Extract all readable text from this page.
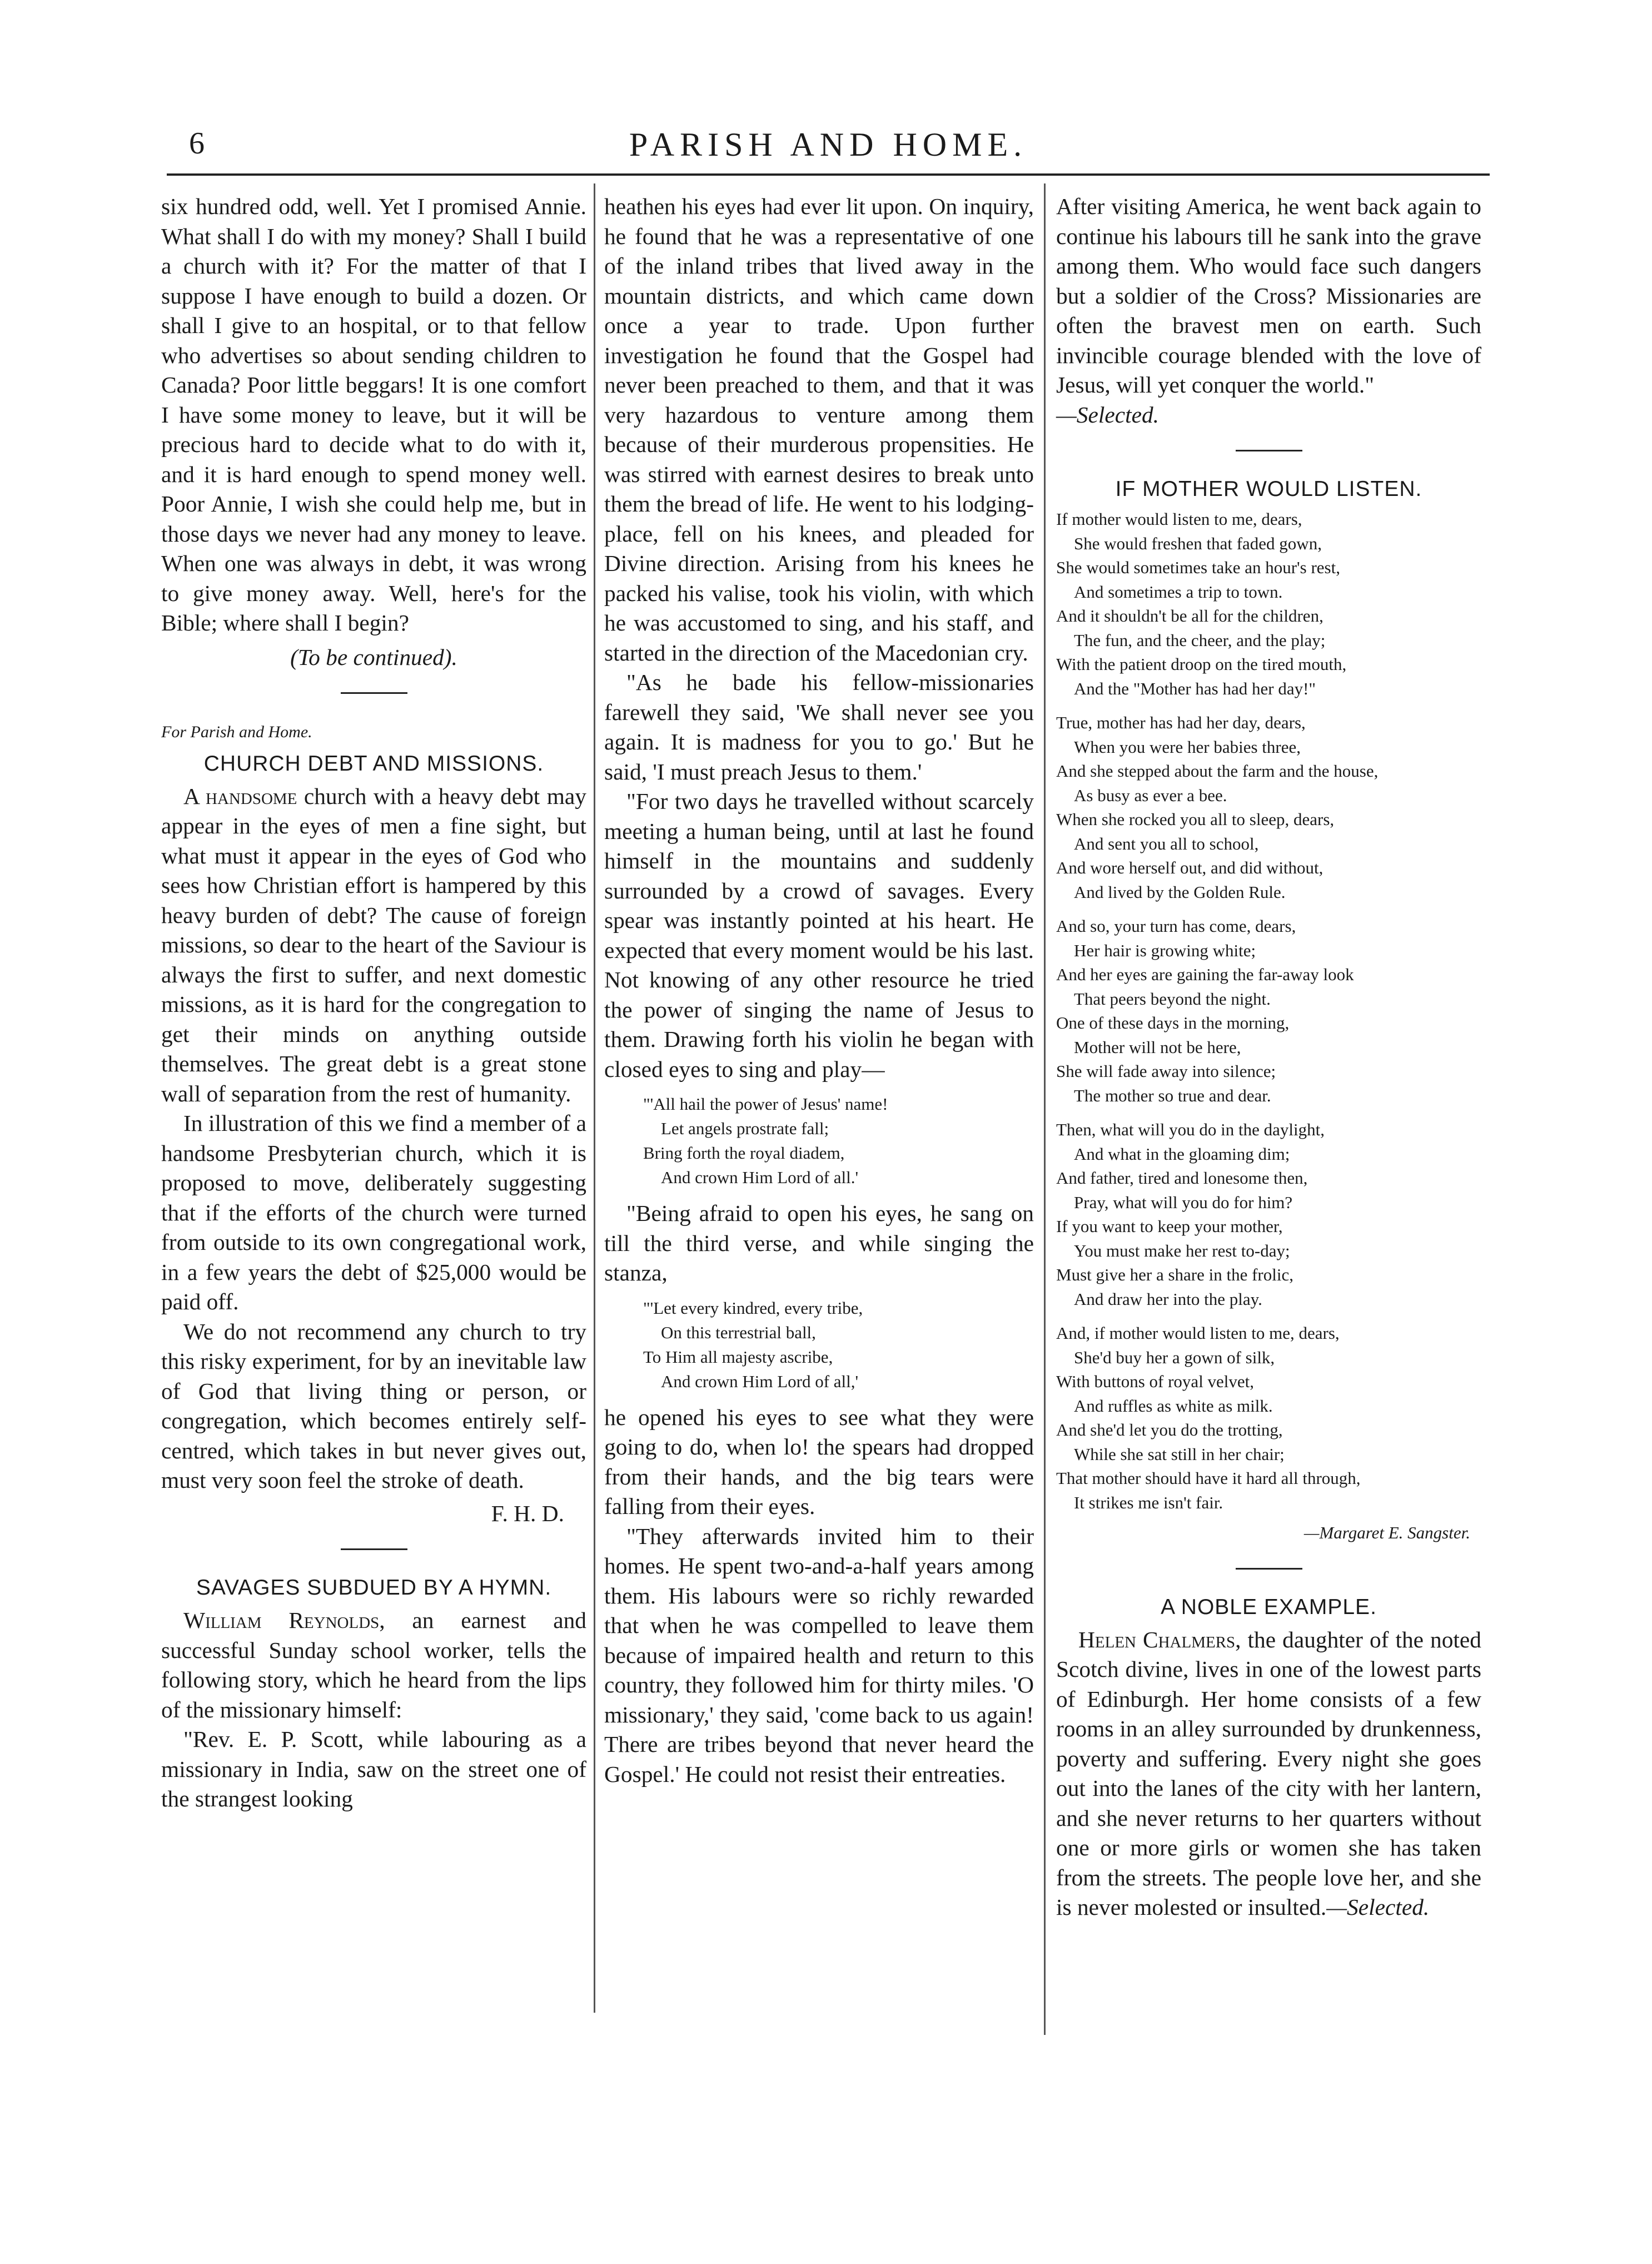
6	PARISH AND HOME.

six hundred odd, well. Yet I promised Annie. What shall I do with my money? Shall I build a church with it? For the matter of that I suppose I have enough to build a dozen. Or shall I give to an hospital, or to that fellow who advertises so about sending children to Canada? Poor little beggars! It is one comfort I have some money to leave, but it will be precious hard to decide what to do with it, and it is hard enough to spend money well. Poor Annie, I wish she could help me, but in those days we never had any money to leave. When one was always in debt, it was wrong to give money away. Well, here's for the Bible; where shall I begin?

(To be continued).

For Parish and Home.

CHURCH DEBT AND MISSIONS.

A handsome church with a heavy debt may appear in the eyes of men a fine sight, but what must it appear in the eyes of God who sees how Christian effort is hampered by this heavy burden of debt? The cause of foreign missions, so dear to the heart of the Saviour is always the first to suffer, and next domestic missions, as it is hard for the congregation to get their minds on anything outside themselves. The great debt is a great stone wall of separation from the rest of humanity.

In illustration of this we find a member of a handsome Presbyterian church, which it is proposed to move, deliberately suggesting that if the efforts of the church were turned from outside to its own congregational work, in a few years the debt of $25,000 would be paid off.

We do not recommend any church to try this risky experiment, for by an inevitable law of God that living thing or person, or congregation, which becomes entirely self-centred, which takes in but never gives out, must very soon feel the stroke of death.

F. H. D.

SAVAGES SUBDUED BY A HYMN.

William Reynolds, an earnest and successful Sunday school worker, tells the following story, which he heard from the lips of the missionary himself:

"Rev. E. P. Scott, while labouring as a missionary in India, saw on the street one of the strangest looking

heathen his eyes had ever lit upon. On inquiry, he found that he was a representative of one of the inland tribes that lived away in the mountain districts, and which came down once a year to trade. Upon further investigation he found that the Gospel had never been preached to them, and that it was very hazardous to venture among them because of their murderous propensities. He was stirred with earnest desires to break unto them the bread of life. He went to his lodging-place, fell on his knees, and pleaded for Divine direction. Arising from his knees he packed his valise, took his violin, with which he was accustomed to sing, and his staff, and started in the direction of the Macedonian cry.

"As he bade his fellow-missionaries farewell they said, 'We shall never see you again. It is madness for you to go.' But he said, 'I must preach Jesus to them.'

"For two days he travelled without scarcely meeting a human being, until at last he found himself in the mountains and suddenly surrounded by a crowd of savages. Every spear was instantly pointed at his heart. He expected that every moment would be his last. Not knowing of any other resource he tried the power of singing the name of Jesus to them. Drawing forth his violin he began with closed eyes to sing and play—

"'All hail the power of Jesus' name!
Let angels prostrate fall;
Bring forth the royal diadem,
And crown Him Lord of all.'

"Being afraid to open his eyes, he sang on till the third verse, and while singing the stanza,

"'Let every kindred, every tribe,
On this terrestrial ball,
To Him all majesty ascribe,
And crown Him Lord of all,'

he opened his eyes to see what they were going to do, when lo! the spears had dropped from their hands, and the big tears were falling from their eyes.

"They afterwards invited him to their homes. He spent two-and-a-half years among them. His labours were so richly rewarded that when he was compelled to leave them because of impaired health and return to this country, they followed him for thirty miles. 'O missionary,' they said, 'come back to us again! There are tribes beyond that never heard the Gospel.' He could not resist their entreaties.

After visiting America, he went back again to continue his labours till he sank into the grave among them. Who would face such dangers but a soldier of the Cross? Missionaries are often the bravest men on earth. Such invincible courage blended with the love of Jesus, will yet conquer the world."

—Selected.

IF MOTHER WOULD LISTEN.
If mother would listen to me, dears,
She would freshen that faded gown,
She would sometimes take an hour's rest,
And sometimes a trip to town.
And it shouldn't be all for the children,
The fun, and the cheer, and the play;
With the patient droop on the tired mouth,
And the "Mother has had her day!"
True, mother has had her day, dears,
When you were her babies three,
And she stepped about the farm and the house,
As busy as ever a bee.
When she rocked you all to sleep, dears,
And sent you all to school,
And wore herself out, and did without,
And lived by the Golden Rule.
And so, your turn has come, dears,
Her hair is growing white;
And her eyes are gaining the far-away look
That peers beyond the night.
One of these days in the morning,
Mother will not be here,
She will fade away into silence;
The mother so true and dear.
Then, what will you do in the daylight,
And what in the gloaming dim;
And father, tired and lonesome then,
Pray, what will you do for him?
If you want to keep your mother,
You must make her rest to-day;
Must give her a share in the frolic,
And draw her into the play.
And, if mother would listen to me, dears,
She'd buy her a gown of silk,
With buttons of royal velvet,
And ruffles as white as milk.
And she'd let you do the trotting,
While she sat still in her chair;
That mother should have it hard all through,
It strikes me isn't fair.
—Margaret E. Sangster.
A NOBLE EXAMPLE.

Helen Chalmers, the daughter of the noted Scotch divine, lives in one of the lowest parts of Edinburgh. Her home consists of a few rooms in an alley surrounded by drunkenness, poverty and suffering. Every night she goes out into the lanes of the city with her lantern, and she never returns to her quarters without one or more girls or women she has taken from the streets. The people love her, and she is never molested or insulted.—Selected.
